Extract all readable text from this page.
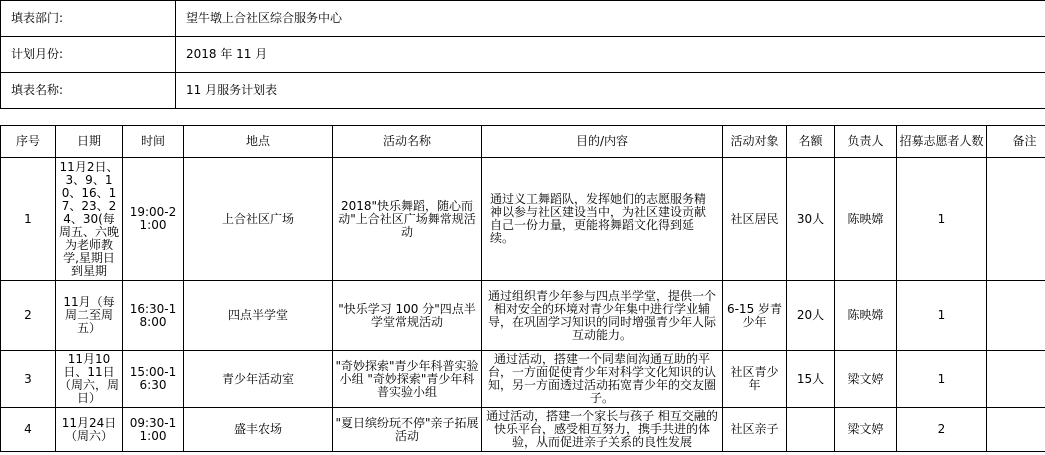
填表部门:	望牛墩上合社区综合服务中心
计划月份:	2018 年 11 月
填表名称:	11 月服务计划表
序号	日期	时间	地点	活动名称	目的/内容	活动对象	名额	负责人	招募志愿者人数	备注
1	11月2日、3、9、10、16、17、23、24、30(每周五、六晚为老师教学,星期日到星期	19:00-21:00	上合社区广场	2018"快乐舞蹈，随心而动"上合社区广场舞常规活动	通过义工舞蹈队，发挥她们的志愿服务精神以参与社区建设当中，为社区建设贡献自己一份力量，更能将舞蹈文化得到延续。	社区居民	30人	陈映嫦	1	
2	11月（每周二至周五）	16:30-18:00	四点半学堂	"快乐学习 100 分"四点半学堂常规活动	通过组织青少年参与四点半学堂，提供一个相对安全的环境对青少年集中进行学业辅导，在巩固学习知识的同时增强青少年人际互动能力。	6-15 岁青少年	20人	陈映嫦	1	
3	11月10日、11日（周六，周日）	15:00-16:30	青少年活动室	"奇妙探索"青少年科普实验小组 "奇妙探索"青少年科普实验小组	通过活动，搭建一个同辈间沟通互助的平台，一方面促使青少年对科学文化知识的认知，另一方面透过活动拓宽青少年的交友圈子。	社区青少年	15人	梁文婷	1	
4	11月24日（周六）	09:30-11:00	盛丰农场	"夏日缤纷玩不停"亲子拓展活动	通过活动，搭建一个家长与孩子 相互交融的快乐平台，感受相互努力，携手共进的体验，从而促进亲子关系的良性发展	社区亲子		梁文婷	2	
